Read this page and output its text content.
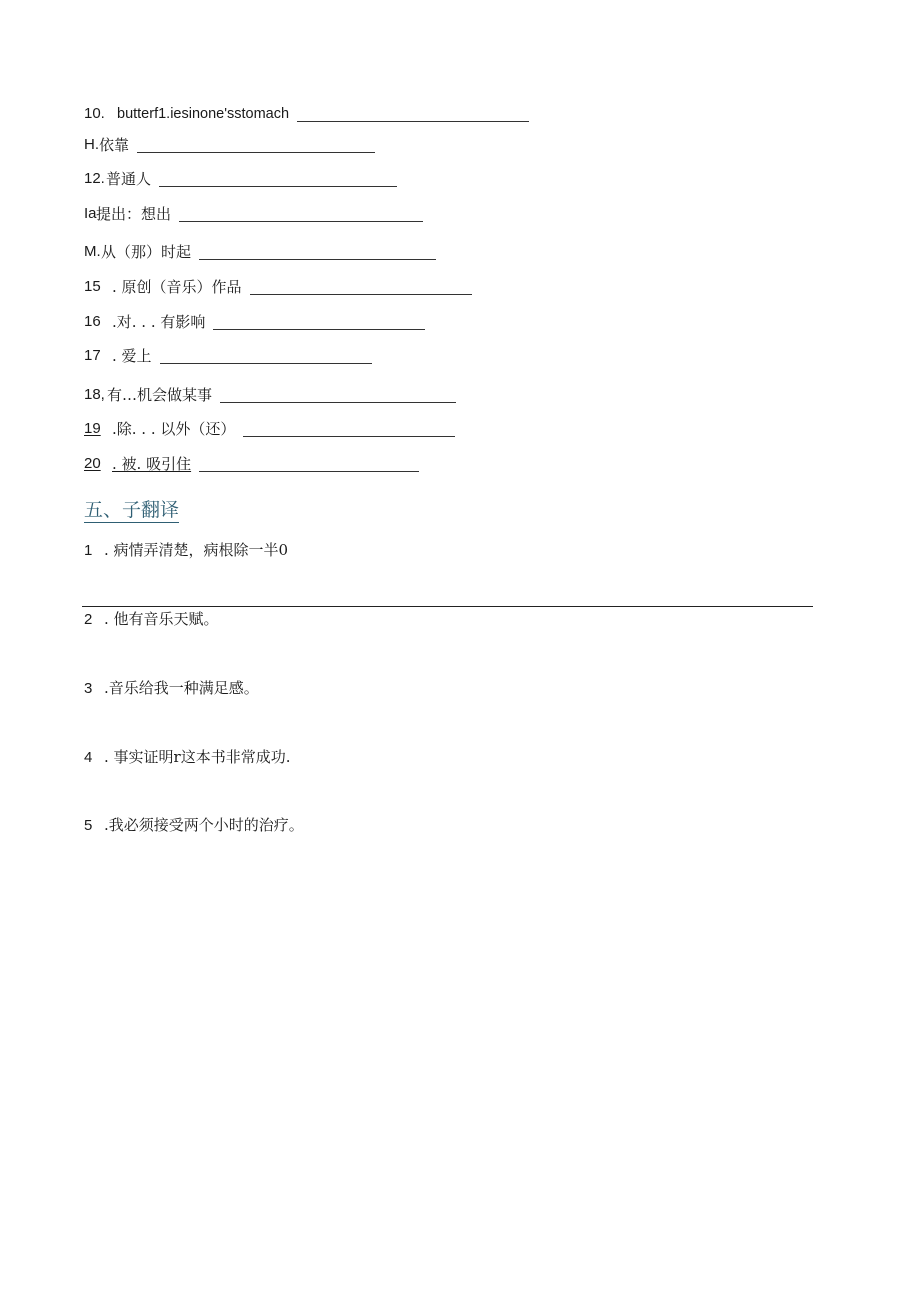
10. butterf1.iesinone'sstomach
H. 依靠
12. 普通人
Ia 提出：想出
M. 从（那）时起
15 . 原创（音乐）作品
16 .对. . . 有影响
17 . 爱上
18, 有…机会做某事
19 .除. . . 以外（还）
20 . 被. 吸引住
五、子翻译
1 . 病情弄清楚，病根除一半0
2 . 他有音乐天赋。
3 .音乐给我一种满足感。
4 . 事实证明r这本书非常成功.
5 .我必须接受两个小时的治疗。
